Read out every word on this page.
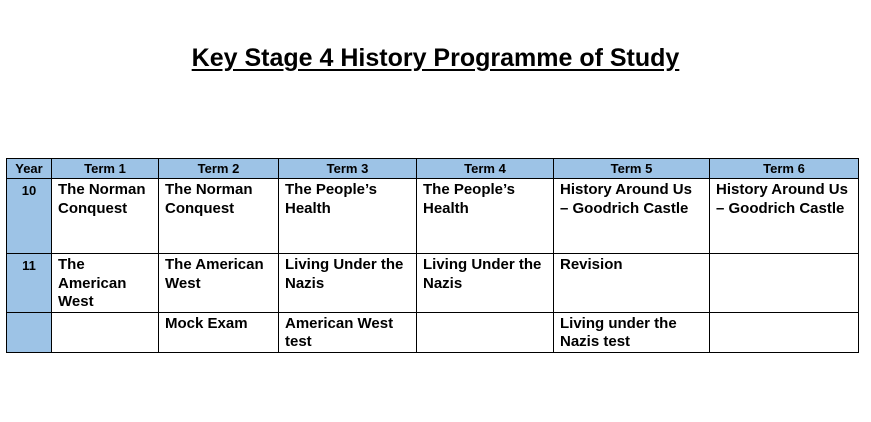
Key Stage 4 History Programme of Study
Year	Term 1	Term 2	Term 3	Term 4	Term 5	Term 6
10	The Norman Conquest	The Norman Conquest	The People’s Health	The People’s Health	History Around Us – Goodrich Castle	History Around Us – Goodrich Castle
11	The American West	The American West	Living Under the Nazis	Living Under the Nazis	Revision	
		Mock Exam	American West test		Living under the Nazis test	
